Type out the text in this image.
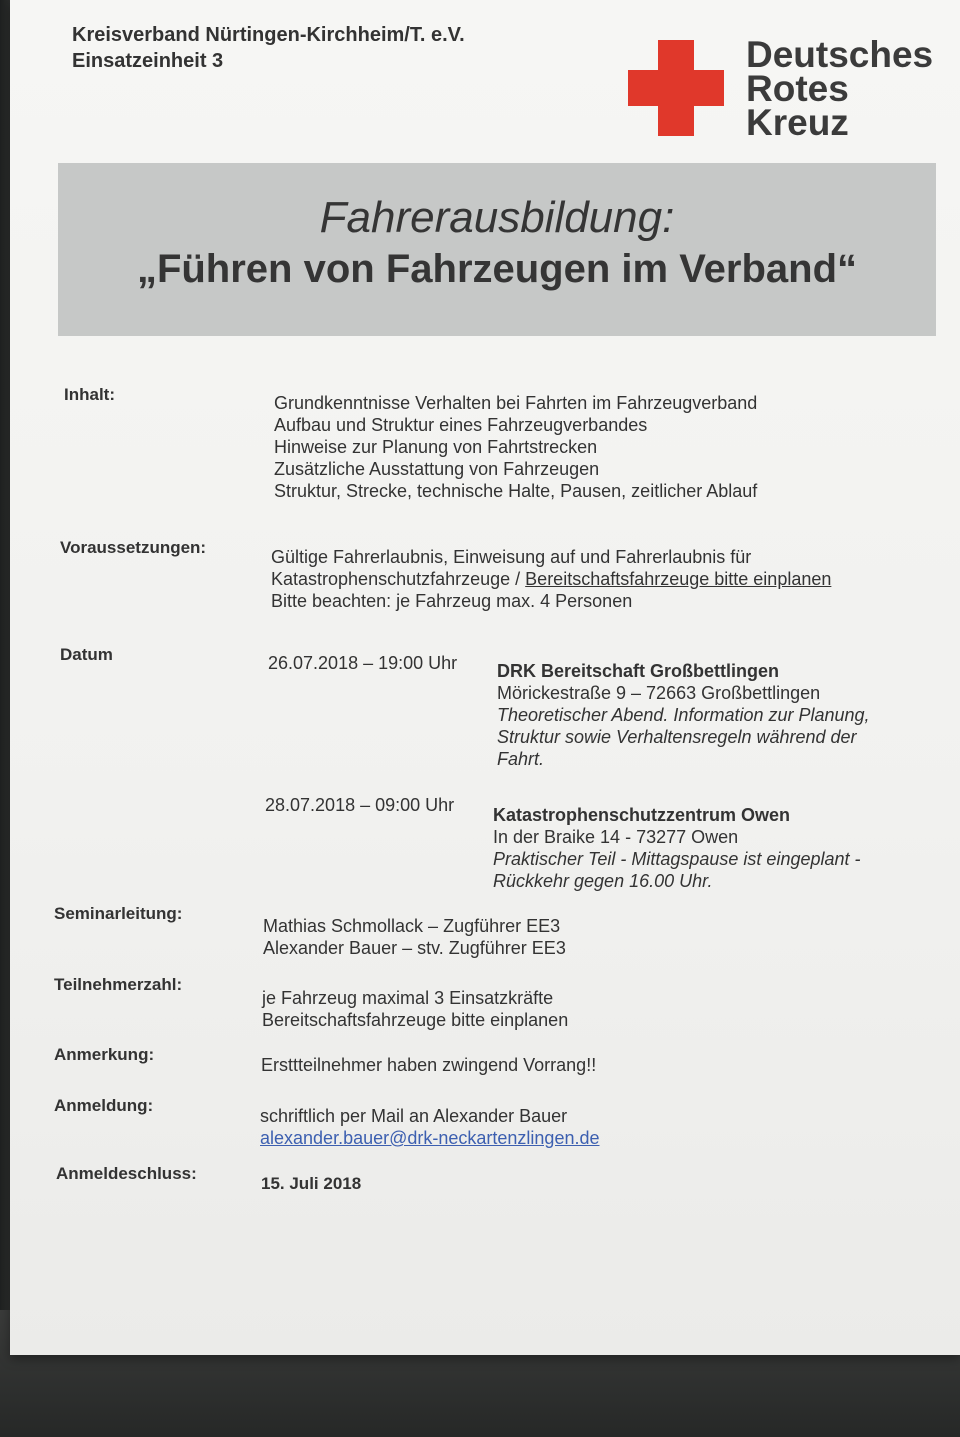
Kreisverband Nürtingen-Kirchheim/T. e.V.
Einsatzeinheit 3	Deutsches
Rotes
Kreuz
Fahrerausbildung:
„Führen von Fahrzeugen im Verband“
Inhalt:	Grundkenntnisse Verhalten bei Fahrten im Fahrzeugverband
Aufbau und Struktur eines Fahrzeugverbandes
Hinweise zur Planung von Fahrtstrecken
Zusätzliche Ausstattung von Fahrzeugen
Struktur, Strecke, technische Halte, Pausen, zeitlicher Ablauf
Voraussetzungen:	Gültige Fahrerlaubnis, Einweisung auf und Fahrerlaubnis für
Katastrophenschutzfahrzeuge / Bereitschaftsfahrzeuge bitte einplanen
Bitte beachten: je Fahrzeug max. 4 Personen
Datum	26.07.2018 – 19:00 Uhr DRK Bereitschaft Großbettlingen
Mörickestraße 9 – 72663 Großbettlingen
Theoretischer Abend. Information zur Planung,
Struktur sowie Verhaltensregeln während der
Fahrt.
28.07.2018 – 09:00 Uhr Katastrophenschutzzentrum Owen
In der Braike 14 - 73277 Owen
Praktischer Teil - Mittagspause ist eingeplant -
Rückkehr gegen 16.00 Uhr.
Seminarleitung:
Mathias Schmollack – Zugführer EE3
Alexander Bauer – stv. Zugführer EE3
Teilnehmerzahl:
je Fahrzeug maximal 3 Einsatzkräfte
Bereitschaftsfahrzeuge bitte einplanen
Anmerkung:
Ersttteilnehmer haben zwingend Vorrang!!
Anmeldung:
schriftlich per Mail an Alexander Bauer
alexander.bauer@drk-neckartenzlingen.de
Anmeldeschluss:
15. Juli 2018
